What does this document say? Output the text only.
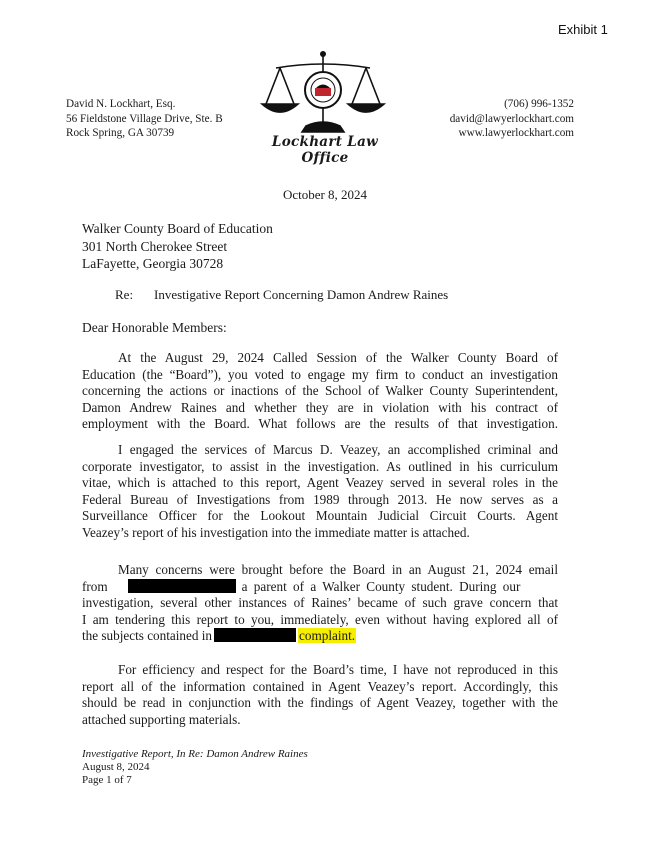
Exhibit 1
David N. Lockhart, Esq.
56 Fieldstone Village Drive, Ste. B
Rock Spring, GA 30739
Lockhart Law Office
(706) 996-1352
david@lawyerlockhart.com
www.lawyerlockhart.com
October 8, 2024
Walker County Board of Education
301 North Cherokee Street
LaFayette, Georgia 30728
Re: Investigative Report Concerning Damon Andrew Raines
Dear Honorable Members:
At the August 29, 2024 Called Session of the Walker County Board of
Education (the “Board”), you voted to engage my firm to conduct an investigation
concerning the actions or inactions of the School of Walker County Superintendent,
Damon Andrew Raines and whether they are in violation with his contract of
employment with the Board. What follows are the results of that investigation.
I engaged the services of Marcus D. Veazey, an accomplished criminal and
corporate investigator, to assist in the investigation. As outlined in his curriculum
vitae, which is attached to this report, Agent Veazey served in several roles in the
Federal Bureau of Investigations from 1989 through 2013. He now serves as a
Surveillance Officer for the Lookout Mountain Judicial Circuit Courts. Agent
Veazey’s report of his investigation into the immediate matter is attached.
Many concerns were brought before the Board in an August 21, 2024 email
from	a parent of a Walker County student. During our
investigation, several other instances of Raines’ became of such grave concern that
I am tendering this report to you, immediately, even without having explored all of
the subjects contained in	complaint.
For efficiency and respect for the Board’s time, I have not reproduced in this
report all of the information contained in Agent Veazey’s report. Accordingly, this
should be read in conjunction with the findings of Agent Veazey, together with the
attached supporting materials.
Investigative Report, In Re: Damon Andrew Raines
August 8, 2024
Page 1 of 7
